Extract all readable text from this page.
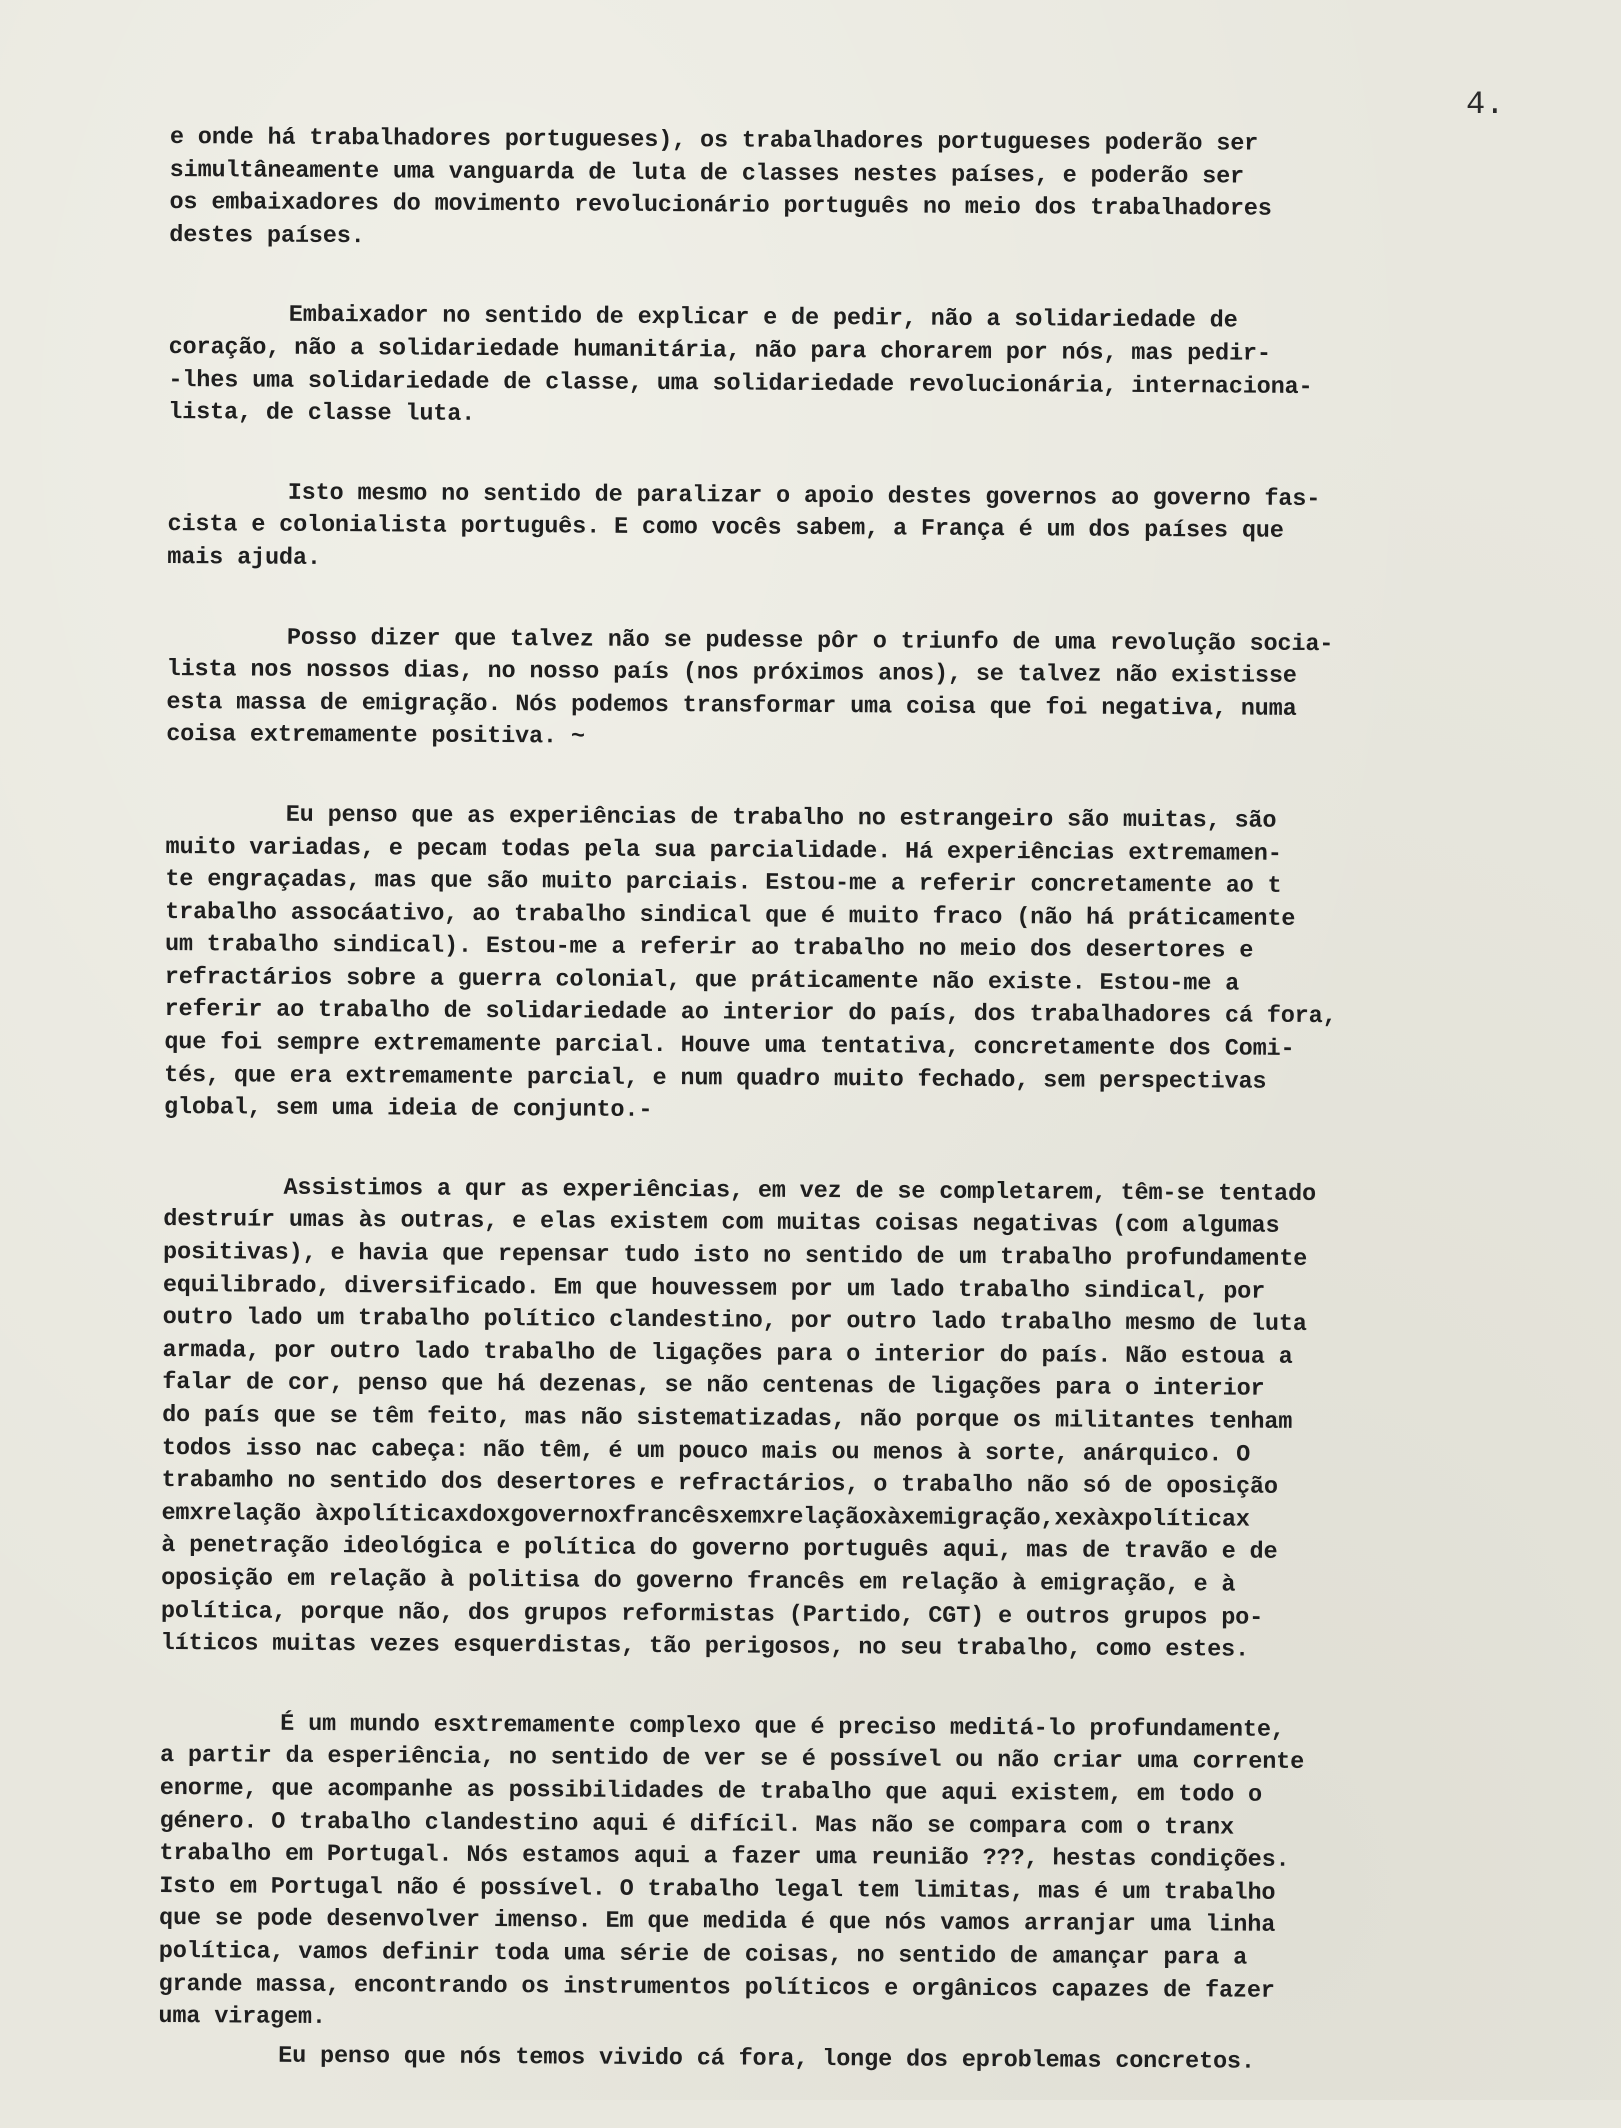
4.
e onde há trabalhadores portugueses), os trabalhadores portugueses poderão ser
simultâneamente uma vanguarda de luta de classes nestes países, e poderão ser
os embaixadores do movimento revolucionário português no meio dos trabalhadores
destes países.
Embaixador no sentido de explicar e de pedir, não a solidariedade de
coração, não a solidariedade humanitária, não para chorarem por nós, mas pedir-
-lhes uma solidariedade de classe, uma solidariedade revolucionária, internaciona-
lista, de classe luta.
Isto mesmo no sentido de paralizar o apoio destes governos ao governo fas-
cista e colonialista português. E como vocês sabem, a França é um dos países que
mais ajuda.
Posso dizer que talvez não se pudesse pôr o triunfo de uma revolução socia-
lista nos nossos dias, no nosso país (nos próximos anos), se talvez não existisse
esta massa de emigração. Nós podemos transformar uma coisa que foi negativa, numa
coisa extremamente positiva. ~
Eu penso que as experiências de trabalho no estrangeiro são muitas, são
muito variadas, e pecam todas pela sua parcialidade. Há experiências extremamen-
te engraçadas, mas que são muito parciais. Estou-me a referir concretamente ao t
trabalho assocáativo, ao trabalho sindical que é muito fraco (não há práticamente
um trabalho sindical). Estou-me a referir ao trabalho no meio dos desertores e
refractários sobre a guerra colonial, que práticamente não existe. Estou-me a
referir ao trabalho de solidariedade ao interior do país, dos trabalhadores cá fora,
que foi sempre extremamente parcial. Houve uma tentativa, concretamente dos Comi-
tés, que era extremamente parcial, e num quadro muito fechado, sem perspectivas
global, sem uma ideia de conjunto.-
Assistimos a qur as experiências, em vez de se completarem, têm-se tentado
destruír umas às outras, e elas existem com muitas coisas negativas (com algumas
positivas), e havia que repensar tudo isto no sentido de um trabalho profundamente
equilibrado, diversificado. Em que houvessem por um lado trabalho sindical, por
outro lado um trabalho político clandestino, por outro lado trabalho mesmo de luta
armada, por outro lado trabalho de ligações para o interior do país. Não estoua a
falar de cor, penso que há dezenas, se não centenas de ligações para o interior
do país que se têm feito, mas não sistematizadas, não porque os militantes tenham
todos isso nac cabeça: não têm, é um pouco mais ou menos à sorte, anárquico. O
trabamho no sentido dos desertores e refractários, o trabalho não só de oposição
emxrelação àxpolíticaxdoxgovernoxfrancêsxemxrelaçãoxàxemigração,xexàxpolíticax
à penetração ideológica e política do governo português aqui, mas de travão e de
oposição em relação à politisa do governo francês em relação à emigração, e à
política, porque não, dos grupos reformistas (Partido, CGT) e outros grupos po-
líticos muitas vezes esquerdistas, tão perigosos, no seu trabalho, como estes.
É um mundo esxtremamente complexo que é preciso meditá-lo profundamente,
a partir da esperiência, no sentido de ver se é possível ou não criar uma corrente
enorme, que acompanhe as possibilidades de trabalho que aqui existem, em todo o
género. O trabalho clandestino aqui é difícil. Mas não se compara com o tranx
trabalho em Portugal. Nós estamos aqui a fazer uma reunião ???, hestas condições.
Isto em Portugal não é possível. O trabalho legal tem limitas, mas é um trabalho
que se pode desenvolver imenso. Em que medida é que nós vamos arranjar uma linha
política, vamos definir toda uma série de coisas, no sentido de amançar para a
grande massa, encontrando os instrumentos políticos e orgânicos capazes de fazer
uma viragem.
Eu penso que nós temos vivido cá fora, longe dos eproblemas concretos.
